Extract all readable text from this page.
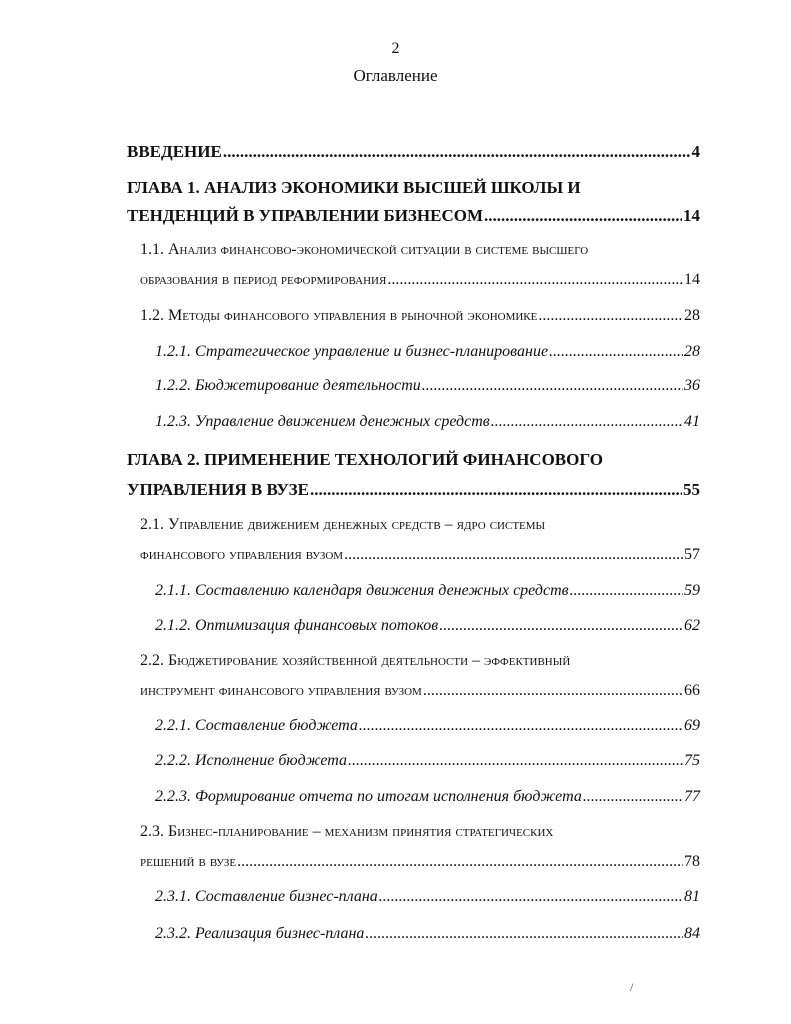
2
Оглавление
ВВЕДЕНИЕ .....	4
ГЛАВА 1. АНАЛИЗ ЭКОНОМИКИ ВЫСШЕЙ ШКОЛЫ И
ТЕНДЕНЦИЙ В УПРАВЛЕНИИ БИЗНЕСОМ .....	14
1.1. Анализ финансово-экономической ситуации в системе высшего
образования в период реформирования .....	14
1.2. Методы финансового управления в рыночной экономике .....	28
1.2.1. Стратегическое управление и бизнес-планирование .....	28
1.2.2. Бюджетирование деятельности .....	36
1.2.3. Управление движением денежных средств .....	41
ГЛАВА 2. ПРИМЕНЕНИЕ ТЕХНОЛОГИЙ ФИНАНСОВОГО
УПРАВЛЕНИЯ В ВУЗЕ .....	55
2.1. Управление движением денежных средств – ядро системы
финансового управления вузом .....	57
2.1.1. Составлению календаря движения денежных средств .....	59
2.1.2. Оптимизация финансовых потоков .....	62
2.2. Бюджетирование хозяйственной деятельности – эффективный
инструмент финансового управления вузом .....	66
2.2.1. Составление бюджета .....	69
2.2.2. Исполнение бюджета .....	75
2.2.3. Формирование отчета по итогам исполнения бюджета .....	77
2.3. Бизнес-планирование – механизм принятия стратегических
решений в вузе .....	78
2.3.1. Составление бизнес-плана .....	81
2.3.2. Реализация бизнес-плана .....	84
/
